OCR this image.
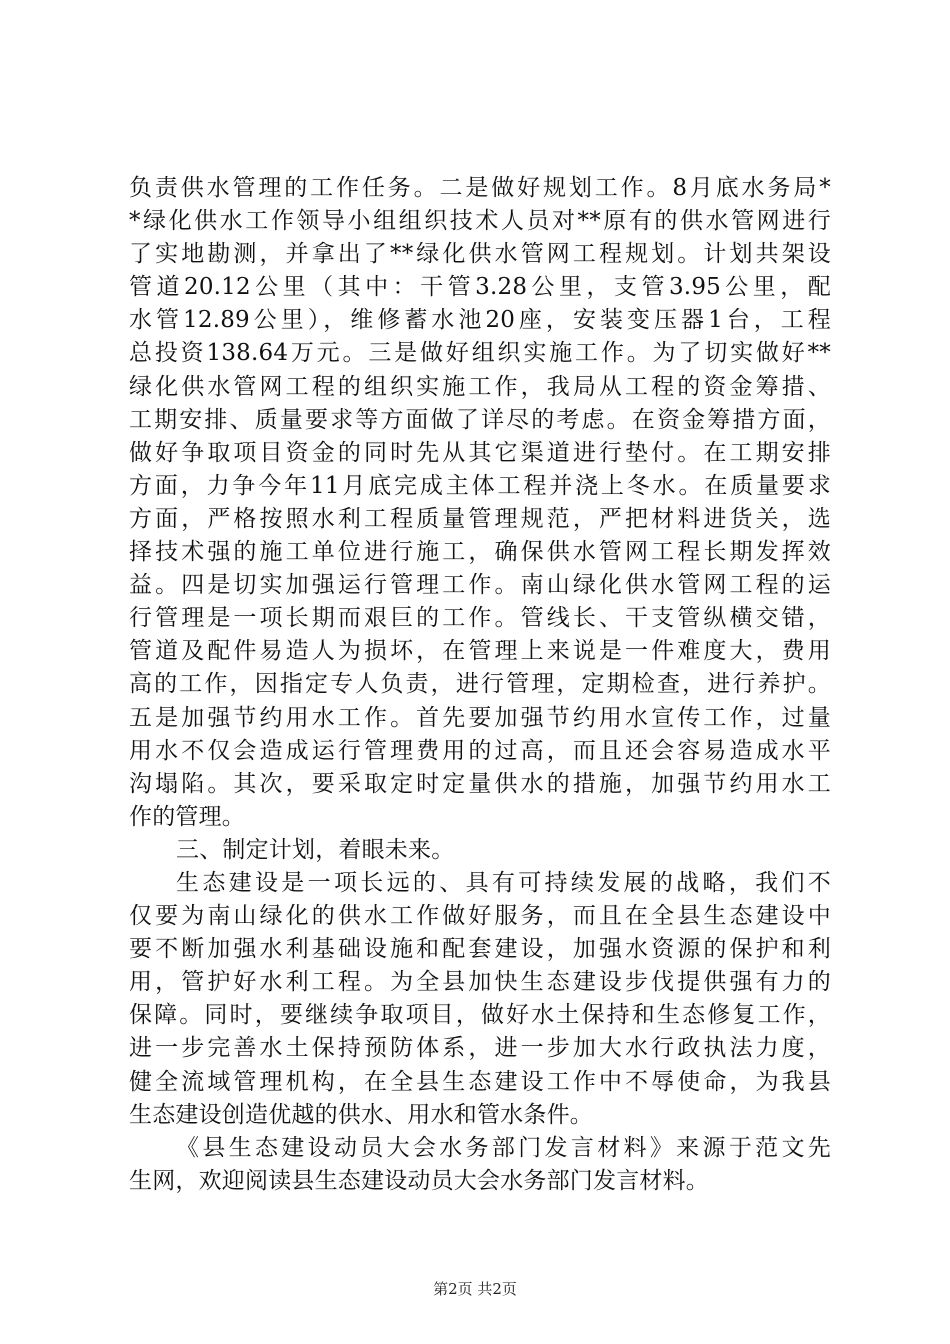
负责供水管理的工作任务。二是做好规划工作。8月底水务局*
*绿化供水工作领导小组组织技术人员对**原有的供水管网进行
了实地勘测，并拿出了**绿化供水管网工程规划。计划共架设
管道20.12公里（其中：干管3.28公里，支管3.95公里，配
水管12.89公里），维修蓄水池20座，安装变压器1台，工程
总投资138.64万元。三是做好组织实施工作。为了切实做好**
绿化供水管网工程的组织实施工作，我局从工程的资金筹措、
工期安排、质量要求等方面做了详尽的考虑。在资金筹措方面，
做好争取项目资金的同时先从其它渠道进行垫付。在工期安排
方面，力争今年11月底完成主体工程并浇上冬水。在质量要求
方面，严格按照水利工程质量管理规范，严把材料进货关，选
择技术强的施工单位进行施工，确保供水管网工程长期发挥效
益。四是切实加强运行管理工作。南山绿化供水管网工程的运
行管理是一项长期而艰巨的工作。管线长、干支管纵横交错，
管道及配件易造人为损坏，在管理上来说是一件难度大，费用
高的工作，因指定专人负责，进行管理，定期检查，进行养护。
五是加强节约用水工作。首先要加强节约用水宣传工作，过量
用水不仅会造成运行管理费用的过高，而且还会容易造成水平
沟塌陷。其次，要采取定时定量供水的措施，加强节约用水工
作的管理。
三、制定计划，着眼未来。
生态建设是一项长远的、具有可持续发展的战略，我们不
仅要为南山绿化的供水工作做好服务，而且在全县生态建设中
要不断加强水利基础设施和配套建设，加强水资源的保护和利
用，管护好水利工程。为全县加快生态建设步伐提供强有力的
保障。同时，要继续争取项目，做好水土保持和生态修复工作，
进一步完善水土保持预防体系，进一步加大水行政执法力度，
健全流域管理机构，在全县生态建设工作中不辱使命，为我县
生态建设创造优越的供水、用水和管水条件。
《县生态建设动员大会水务部门发言材料》来源于范文先
生网，欢迎阅读县生态建设动员大会水务部门发言材料。
第2页 共2页
